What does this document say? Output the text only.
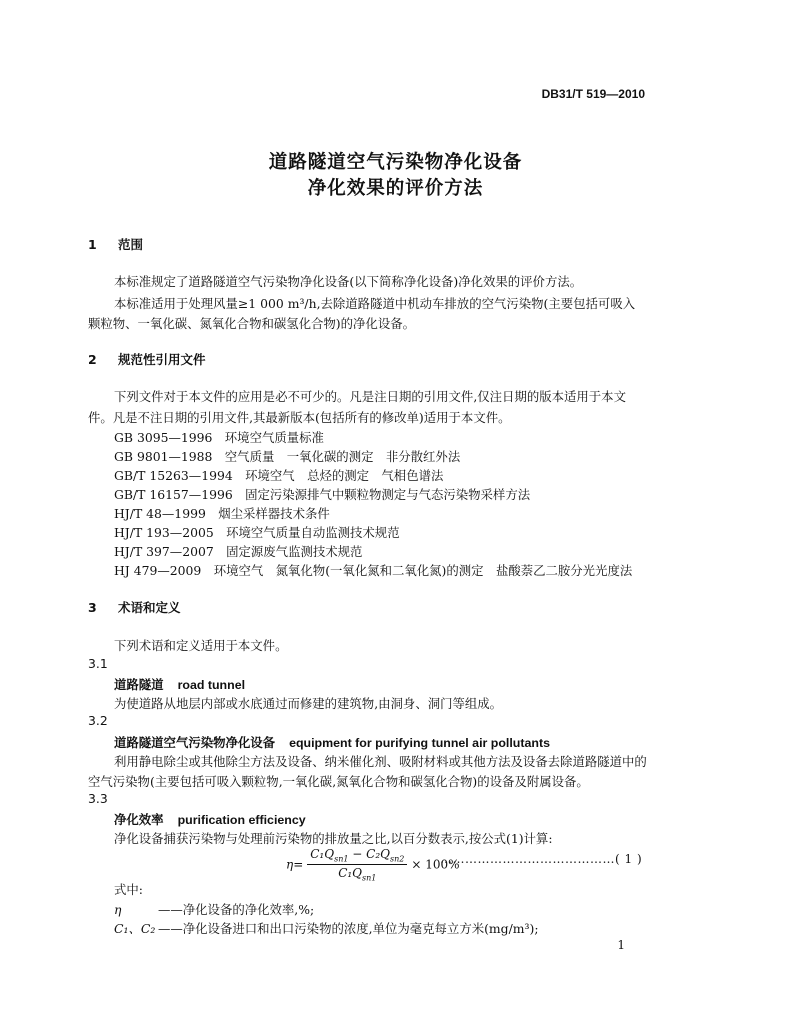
DB31/T 519—2010
道路隧道空气污染物净化设备
净化效果的评价方法
1 范围
本标准规定了道路隧道空气污染物净化设备(以下简称净化设备)净化效果的评价方法。
本标准适用于处理风量≥1 000 m³/h,去除道路隧道中机动车排放的空气污染物(主要包括可吸入
颗粒物、一氧化碳、氮氧化合物和碳氢化合物)的净化设备。
2 规范性引用文件
下列文件对于本文件的应用是必不可少的。凡是注日期的引用文件,仅注日期的版本适用于本文
件。凡是不注日期的引用文件,其最新版本(包括所有的修改单)适用于本文件。
GB 3095—1996　 环境空气质量标准
GB 9801—1988　 空气质量　一氧化碳的测定　非分散红外法
GB/T 15263—1994　 环境空气　总烃的测定　气相色谱法
GB/T 16157—1996　 固定污染源排气中颗粒物测定与气态污染物采样方法
HJ/T 48—1999　 烟尘采样器技术条件
HJ/T 193—2005　 环境空气质量自动监测技术规范
HJ/T 397—2007　 固定源废气监测技术规范
HJ 479—2009　 环境空气　氮氧化物(一氧化氮和二氧化氮)的测定　盐酸萘乙二胺分光光度法
3 术语和定义
下列术语和定义适用于本文件。
3.1
道路隧道 road tunnel
为使道路从地层内部或水底通过而修建的建筑物,由洞身、洞门等组成。
3.2
道路隧道空气污染物净化设备 equipment for purifying tunnel air pollutants
利用静电除尘或其他除尘方法及设备、纳米催化剂、吸附材料或其他方法及设备去除道路隧道中的
空气污染物(主要包括可吸入颗粒物,一氧化碳,氮氧化合物和碳氢化合物)的设备及附属设备。
3.3
净化效率 purification efficiency
净化设备捕获污染物与处理前污染物的排放量之比,以百分数表示,按公式(1)计算:
$\eta= \frac{C_1Q_{sn1} - C_2Q_{sn2}}{C_1Q_{sn1}} \times 100\%$
……………………………………( 1 )
式中:
η	——净化设备的净化效率,%;
C₁、C₂ ——净化设备进口和出口污染物的浓度,单位为毫克每立方米(mg/m³);
1
